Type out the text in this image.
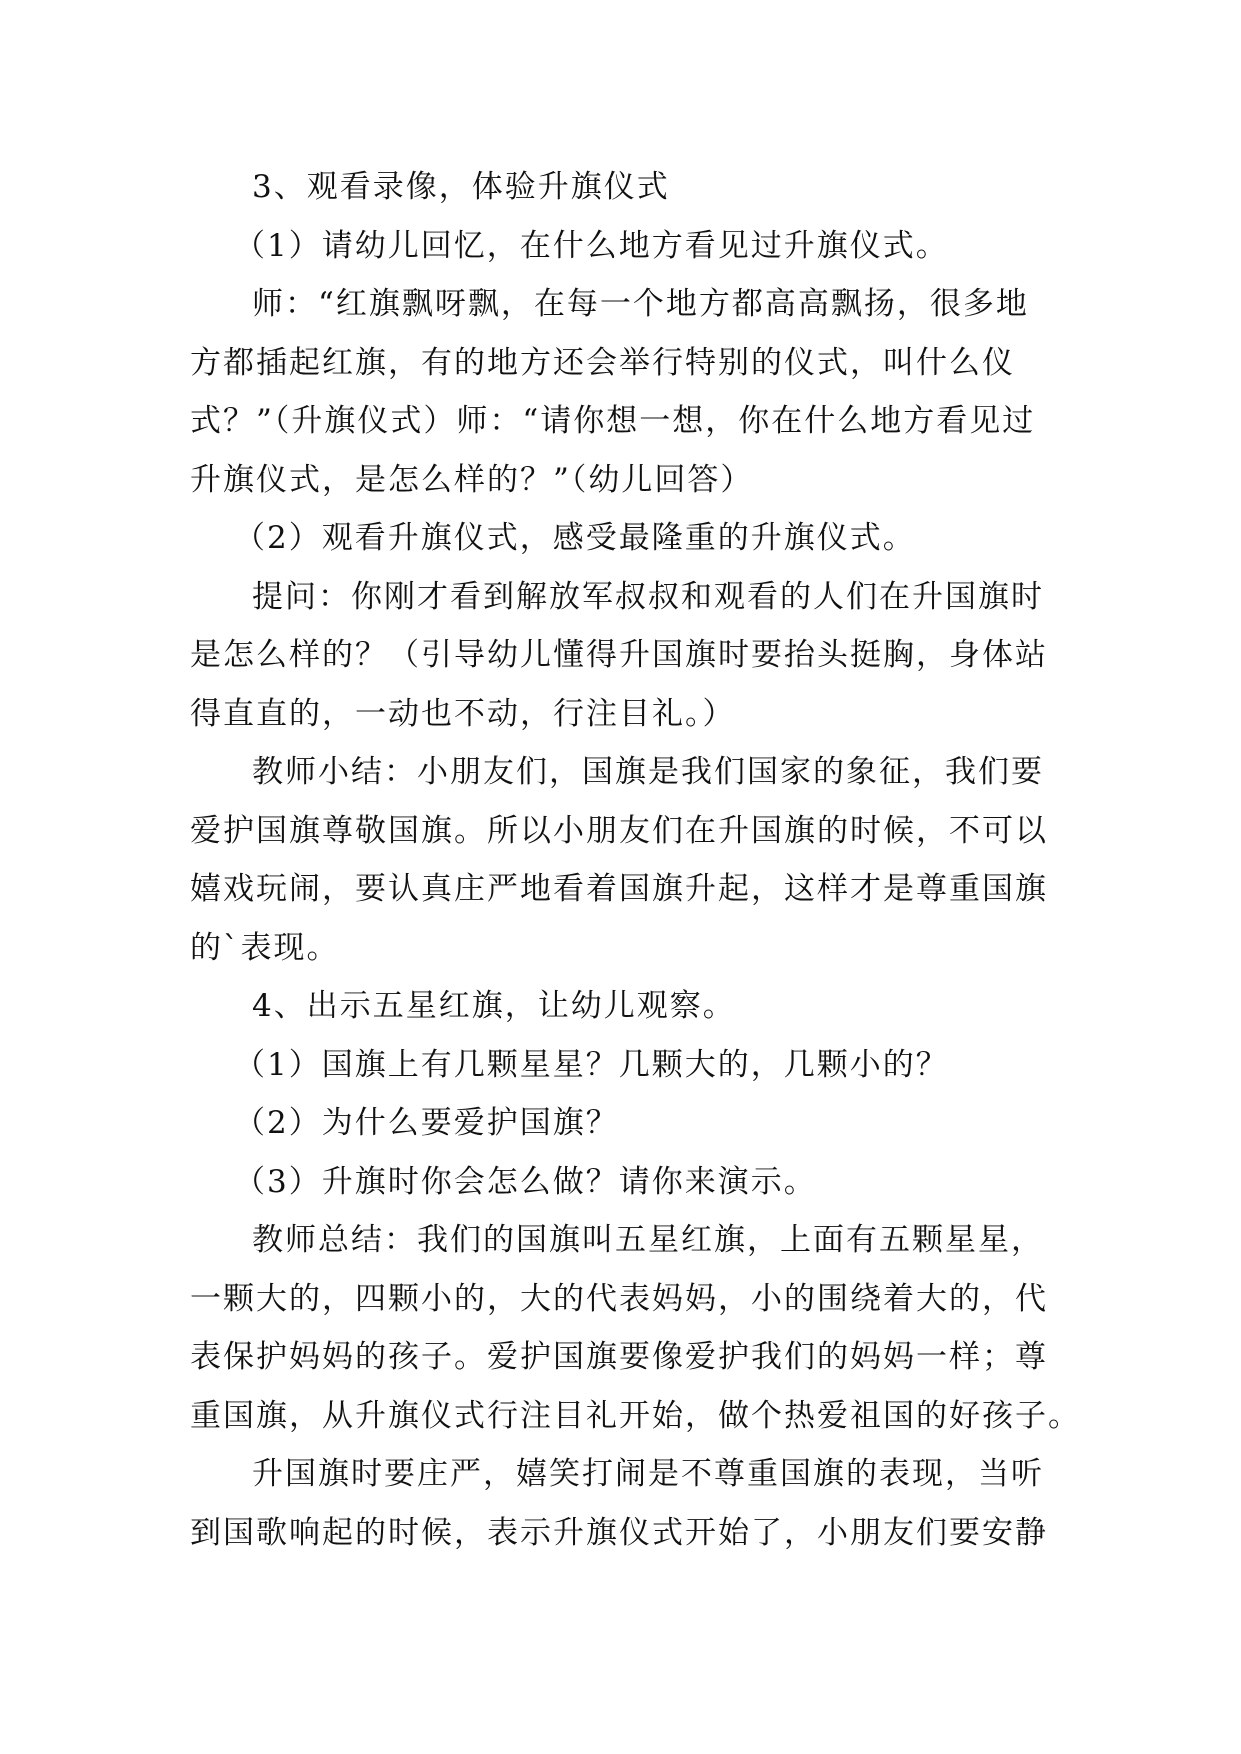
3、观看录像，体验升旗仪式

（1）请幼儿回忆，在什么地方看见过升旗仪式。

师：“红旗飘呀飘，在每一个地方都高高飘扬，很多地

方都插起红旗，有的地方还会举行特别的仪式，叫什么仪

式？”（升旗仪式）师：“请你想一想，你在什么地方看见过

升旗仪式，是怎么样的？”（幼儿回答）

（2）观看升旗仪式，感受最隆重的升旗仪式。

提问：你刚才看到解放军叔叔和观看的人们在升国旗时

是怎么样的？（引导幼儿懂得升国旗时要抬头挺胸，身体站

得直直的，一动也不动，行注目礼。）

教师小结：小朋友们，国旗是我们国家的象征，我们要

爱护国旗尊敬国旗。所以小朋友们在升国旗的时候，不可以

嬉戏玩闹，要认真庄严地看着国旗升起，这样才是尊重国旗

的`表现。

4、出示五星红旗，让幼儿观察。

（1）国旗上有几颗星星？几颗大的，几颗小的？

（2）为什么要爱护国旗？

（3）升旗时你会怎么做？请你来演示。

教师总结：我们的国旗叫五星红旗，上面有五颗星星，

一颗大的，四颗小的，大的代表妈妈，小的围绕着大的，代

表保护妈妈的孩子。爱护国旗要像爱护我们的妈妈一样；尊

重国旗，从升旗仪式行注目礼开始，做个热爱祖国的好孩子。

升国旗时要庄严，嬉笑打闹是不尊重国旗的表现，当听

到国歌响起的时候，表示升旗仪式开始了，小朋友们要安静
